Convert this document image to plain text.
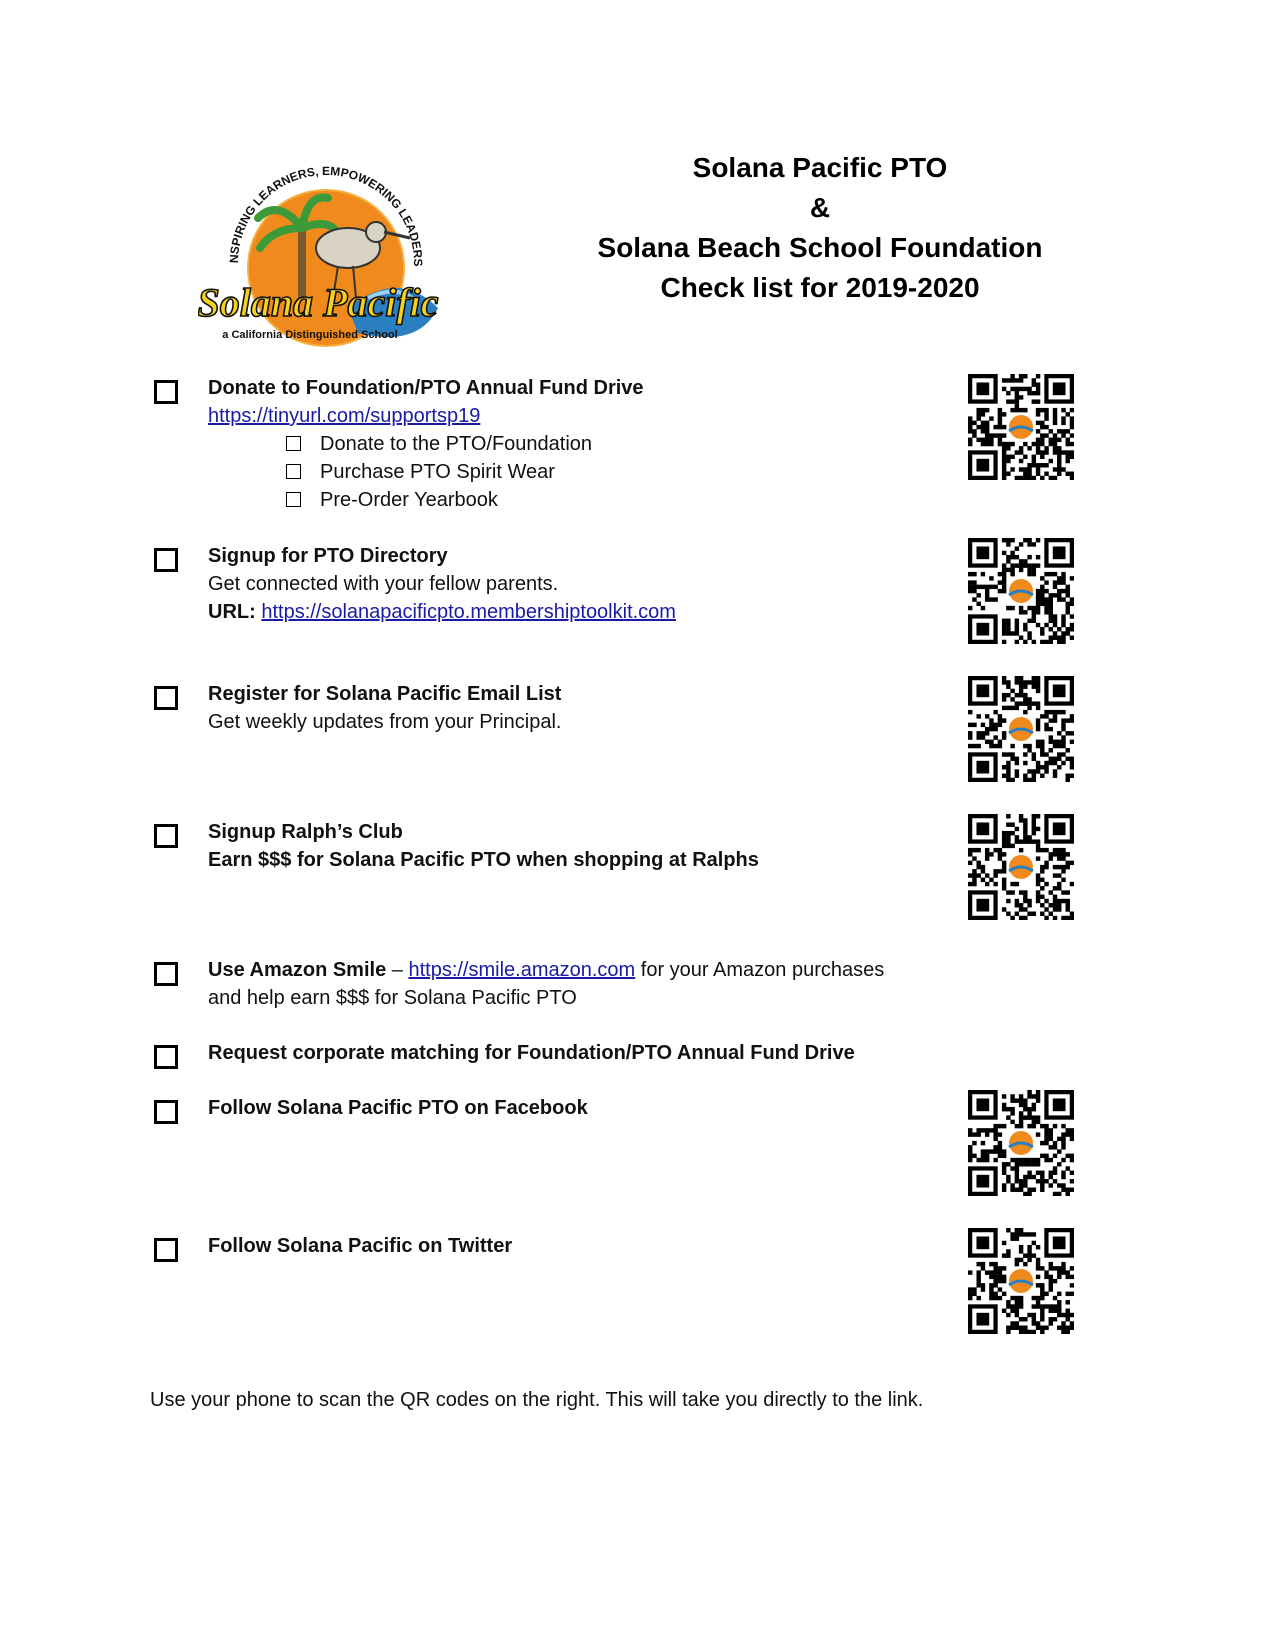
NSPIRING LEARNERS, EMPOWERING LEADERS
Solana Pacific
a California Distinguished School
Solana Pacific PTO
&
Solana Beach School Foundation
Check list for 2019-2020
Donate to Foundation/PTO Annual Fund Drive
https://tinyurl.com/supportsp19
Donate to the PTO/Foundation
Purchase PTO Spirit Wear
Pre-Order Yearbook
Signup for PTO Directory
Get connected with your fellow parents.
URL: https://solanapacificpto.membershiptoolkit.com
Register for Solana Pacific Email List
Get weekly updates from your Principal.
Signup Ralph’s Club
Earn $$$ for Solana Pacific PTO when shopping at Ralphs
Use Amazon Smile – https://smile.amazon.com for your Amazon purchases
and help earn $$$ for Solana Pacific PTO
Request corporate matching for Foundation/PTO Annual Fund Drive
Follow Solana Pacific PTO on Facebook
Follow Solana Pacific on Twitter
Use your phone to scan the QR codes on the right. This will take you directly to the link.
